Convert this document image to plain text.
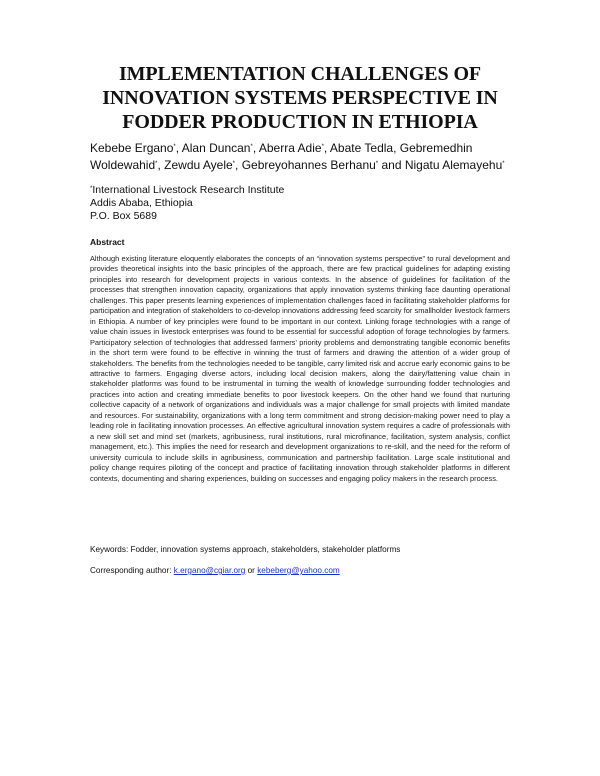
IMPLEMENTATION CHALLENGES OF
INNOVATION SYSTEMS PERSPECTIVE IN
FODDER PRODUCTION IN ETHIOPIA
Kebebe Ergano*, Alan Duncan*, Aberra Adie*, Abate Tedla, Gebremedhin
Woldewahid*, Zewdu Ayele*, Gebreyohannes Berhanu* and Nigatu Alemayehu*
*International Livestock Research Institute
Addis Ababa, Ethiopia
P.O. Box 5689
Abstract
Although existing literature eloquently elaborates the concepts of an “innovation systems perspective” to rural development and provides theoretical insights into the basic principles of the approach, there are few practical guidelines for adapting existing principles into research for development projects in various contexts. In the absence of guidelines for facilitation of the processes that strengthen innovation capacity, organizations that apply innovation systems thinking face daunting operational challenges. This paper presents learning experiences of implementation challenges faced in facilitating stakeholder platforms for participation and integration of stakeholders to co-develop innovations addressing feed scarcity for smallholder livestock farmers in Ethiopia. A number of key principles were found to be important in our context. Linking forage technologies with a range of value chain issues in livestock enterprises was found to be essential for successful adoption of forage technologies by farmers. Participatory selection of technologies that addressed farmers’ priority problems and demonstrating tangible economic benefits in the short term were found to be effective in winning the trust of farmers and drawing the attention of a wider group of stakeholders. The benefits from the technologies needed to be tangible, carry limited risk and accrue early economic gains to be attractive to farmers. Engaging diverse actors, including local decision makers, along the dairy/fattening value chain in stakeholder platforms was found to be instrumental in turning the wealth of knowledge surrounding fodder technologies and practices into action and creating immediate benefits to poor livestock keepers. On the other hand we found that nurturing collective capacity of a network of organizations and individuals was a major challenge for small projects with limited mandate and resources. For sustainability, organizations with a long term commitment and strong decision-making power need to play a leading role in facilitating innovation processes. An effective agricultural innovation system requires a cadre of professionals with a new skill set and mind set (markets, agribusiness, rural institutions, rural microfinance, facilitation, system analysis, conflict management, etc.). This implies the need for research and development organizations to re-skill, and the need for the reform of university curricula to include skills in agribusiness, communication and partnership facilitation. Large scale institutional and policy change requires piloting of the concept and practice of facilitating innovation through stakeholder platforms in different contexts, documenting and sharing experiences, building on successes and engaging policy makers in the research process.
Keywords: Fodder, innovation systems approach, stakeholders, stakeholder platforms
Corresponding author: k.ergano@cgiar.org or kebeberg@yahoo.com
